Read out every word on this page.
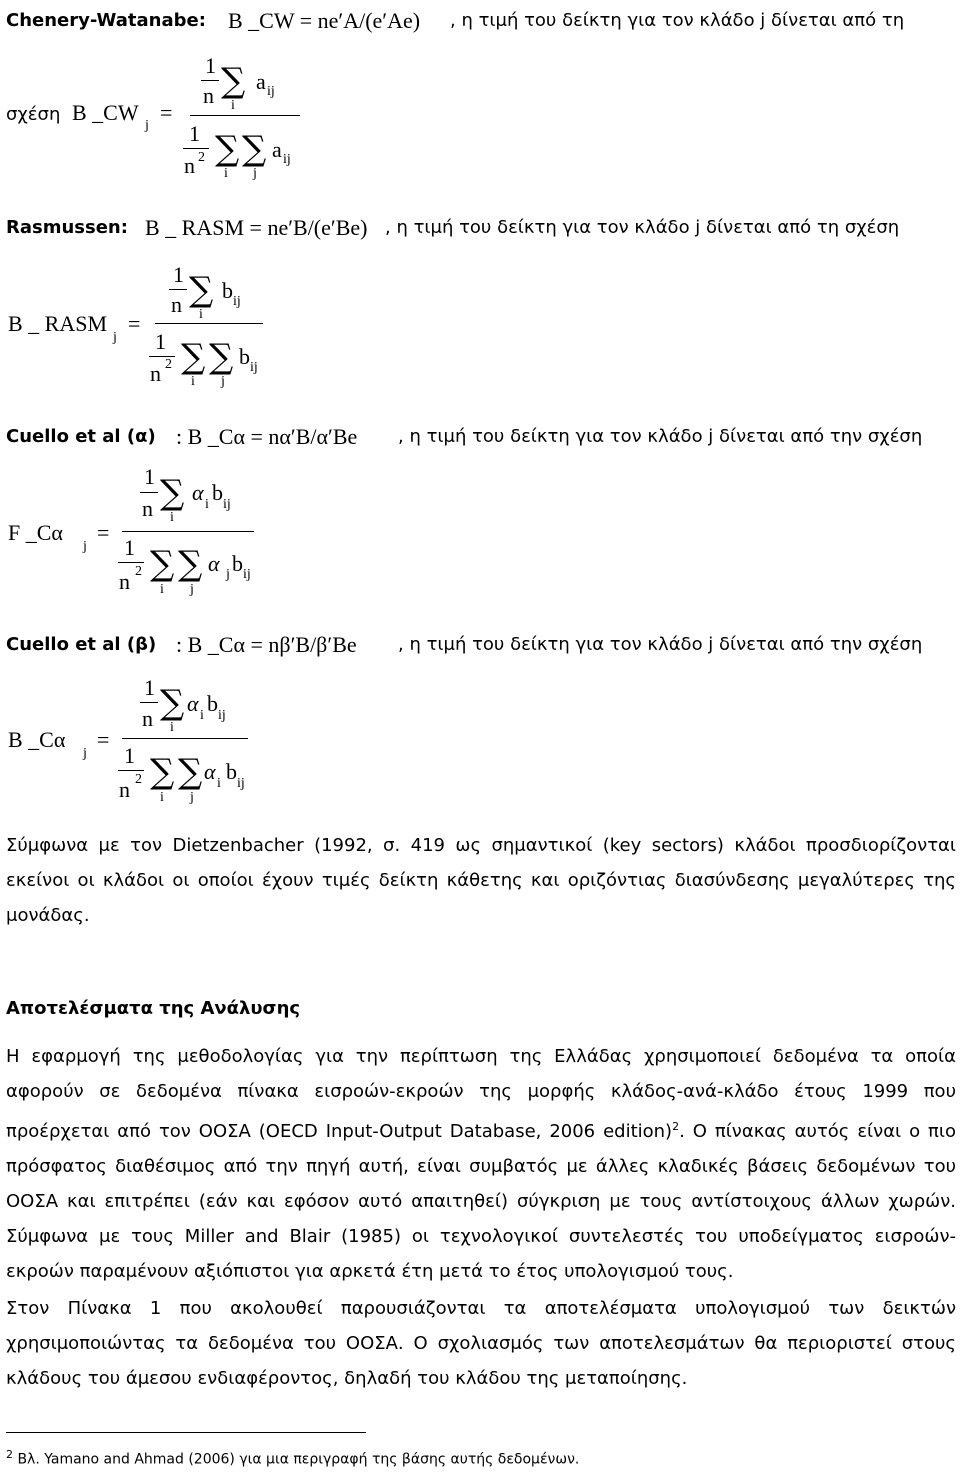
Chenery-Watanabe: B _CW = ne′A/(e′Ae) , η τιμή του δείκτη για τον κλάδο j δίνεται από τη
σχέση B _CW
j
=
1
n ∑
i
a ij
1
n 2 ∑
i
∑
j
a ij
Rasmussen: B _ RASM = ne′B/(e′Be) , η τιμή του δείκτη για τον κλάδο j δίνεται από τη σχέση
B _ RASM
j
=
1
n ∑
i
b ij
1
n 2 ∑
i
∑
j
b ij
Cuello et al (α) : B _Cα = nα′B/α′Be , η τιμή του δείκτη για τον κλάδο j δίνεται από την σχέση
F _Cα
j
=
1
n ∑
i
α i b ij
1
n 2 ∑
i
∑
j
α j b ij
Cuello et al (β) : B _Cα = nβ′B/β′Be , η τιμή του δείκτη για τον κλάδο j δίνεται από την σχέση
B _Cα
j
=
1
n ∑
i
α i b ij
1
n 2 ∑
i
∑
j
α i b ij

Σύμφωνα με τον Dietzenbacher (1992, σ. 419 ως σημαντικοί (key sectors) κλάδοι προσδιορίζονται εκείνοι οι κλάδοι οι οποίοι έχουν τιμές δείκτη κάθετης και οριζόντιας διασύνδεσης μεγαλύτερες της μονάδας.

Αποτελέσματα της Ανάλυσης

Η εφαρμογή της μεθοδολογίας για την περίπτωση της Ελλάδας χρησιμοποιεί δεδομένα τα οποία αφορούν σε δεδομένα πίνακα εισροών-εκροών της μορφής κλάδος-ανά-κλάδο έτους 1999 που προέρχεται από τον ΟΟΣΑ (OECD Input-Output Database, 2006 edition)$^2$. Ο πίνακας αυτός είναι ο πιο πρόσφατος διαθέσιμος από την πηγή αυτή, είναι συμβατός με άλλες κλαδικές βάσεις δεδομένων του ΟΟΣΑ και επιτρέπει (εάν και εφόσον αυτό απαιτηθεί) σύγκριση με τους αντίστοιχους άλλων χωρών. Σύμφωνα με τους Miller and Blair (1985) οι τεχνολογικοί συντελεστές του υποδείγματος εισροών-εκροών παραμένουν αξιόπιστοι για αρκετά έτη μετά το έτος υπολογισμού τους.

Στον Πίνακα 1 που ακολουθεί παρουσιάζονται τα αποτελέσματα υπολογισμού των δεικτών χρησιμοποιώντας τα δεδομένα του ΟΟΣΑ. Ο σχολιασμός των αποτελεσμάτων θα περιοριστεί στους κλάδους του άμεσου ενδιαφέροντος, δηλαδή του κλάδου της μεταποίησης.

$^2$ Βλ. Yamano and Ahmad (2006) για μια περιγραφή της βάσης αυτής δεδομένων.
